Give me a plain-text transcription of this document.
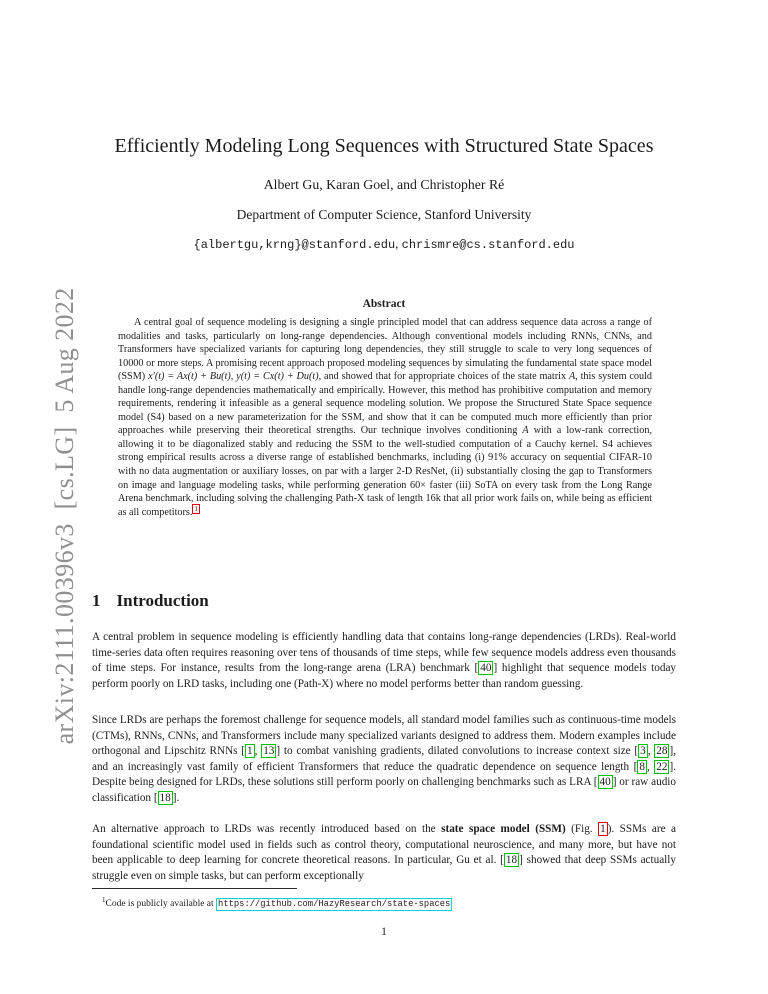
arXiv:2111.00396v3  [cs.LG]  5 Aug 2022

Efficiently Modeling Long Sequences with Structured State Spaces
Albert Gu, Karan Goel, and Christopher Ré
Department of Computer Science, Stanford University
{albertgu,krng}@stanford.edu, chrismre@cs.stanford.edu
Abstract
A central goal of sequence modeling is designing a single principled model that can address sequence data across a range of modalities and tasks, particularly on long-range dependencies. Although conventional models including RNNs, CNNs, and Transformers have specialized variants for capturing long dependencies, they still struggle to scale to very long sequences of 10000 or more steps. A promising recent approach proposed modeling sequences by simulating the fundamental state space model (SSM) x′(t) = Ax(t) + Bu(t), y(t) = Cx(t) + Du(t), and showed that for appropriate choices of the state matrix A, this system could handle long-range dependencies mathematically and empirically. However, this method has prohibitive computation and memory requirements, rendering it infeasible as a general sequence modeling solution. We propose the Structured State Space sequence model (S4) based on a new parameterization for the SSM, and show that it can be computed much more efficiently than prior approaches while preserving their theoretical strengths. Our technique involves conditioning A with a low-rank correction, allowing it to be diagonalized stably and reducing the SSM to the well-studied computation of a Cauchy kernel. S4 achieves strong empirical results across a diverse range of established benchmarks, including (i) 91% accuracy on sequential CIFAR-10 with no data augmentation or auxiliary losses, on par with a larger 2-D ResNet, (ii) substantially closing the gap to Transformers on image and language modeling tasks, while performing generation 60× faster (iii) SoTA on every task from the Long Range Arena benchmark, including solving the challenging Path-X task of length 16k that all prior work fails on, while being as efficient as all competitors. $^1$
1 Introduction

A central problem in sequence modeling is efficiently handling data that contains long-range dependencies (LRDs). Real-world time-series data often requires reasoning over tens of thousands of time steps, while few sequence models address even thousands of time steps. For instance, results from the long-range arena (LRA) benchmark [ 40 ] highlight that sequence models today perform poorly on LRD tasks, including one (Path-X) where no model performs better than random guessing.

Since LRDs are perhaps the foremost challenge for sequence models, all standard model families such as continuous-time models (CTMs), RNNs, CNNs, and Transformers include many specialized variants designed to address them. Modern examples include orthogonal and Lipschitz RNNs [ 1 , 13 ] to combat vanishing gradients, dilated convolutions to increase context size [ 3 , 28 ], and an increasingly vast family of efficient Transformers that reduce the quadratic dependence on sequence length [ 8 , 22 ]. Despite being designed for LRDs, these solutions still perform poorly on challenging benchmarks such as LRA [ 40 ] or raw audio classification [ 18 ].

An alternative approach to LRDs was recently introduced based on the state space model (SSM) (Fig. 1 ). SSMs are a foundational scientific model used in fields such as control theory, computational neuroscience, and many more, but have not been applicable to deep learning for concrete theoretical reasons. In particular, Gu et al. [ 18 ] showed that deep SSMs actually struggle even on simple tasks, but can perform exceptionally

$^1$Code is publicly available at https://github.com/HazyResearch/state-spaces
1
